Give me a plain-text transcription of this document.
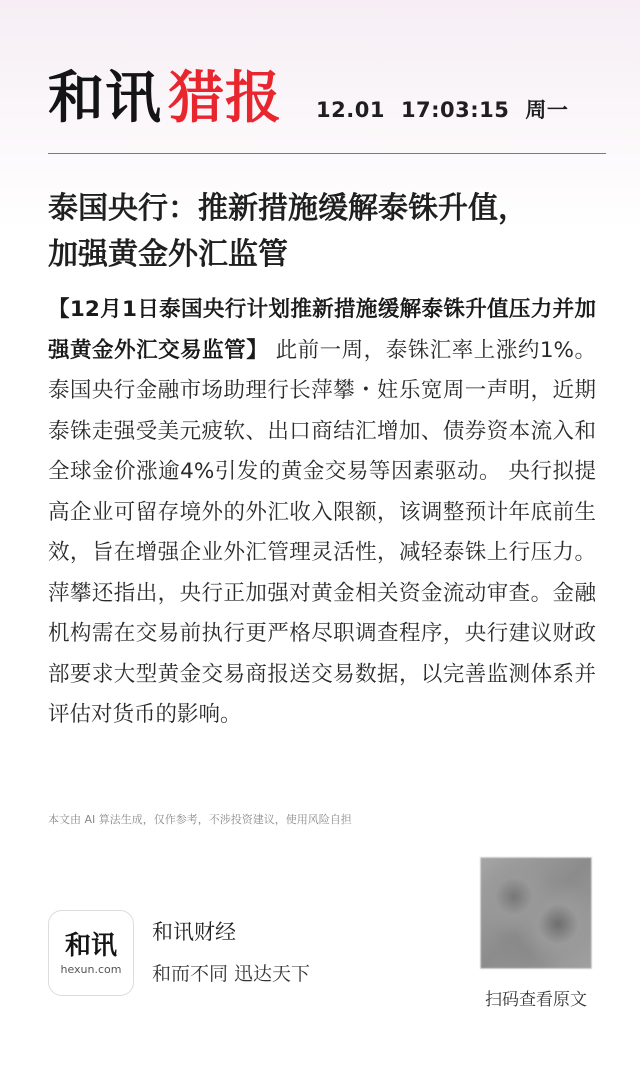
和讯 猎报 12.01 17:03:15 周一
泰国央行：推新措施缓解泰铢升值，
加强黄金外汇监管
【12月1日泰国央行计划推新措施缓解泰铢升值压力并加强黄金外汇交易监管】 此前一周，泰铢汇率上涨约1%。泰国央行金融市场助理行长萍攀・妵乐宽周一声明，近期泰铢走强受美元疲软、出口商结汇增加、债券资本流入和全球金价涨逾4%引发的黄金交易等因素驱动。 央行拟提高企业可留存境外的外汇收入限额，该调整预计年底前生效，旨在增强企业外汇管理灵活性，减轻泰铢上行压力。 萍攀还指出，央行正加强对黄金相关资金流动审查。金融机构需在交易前执行更严格尽职调查程序，央行建议财政部要求大型黄金交易商报送交易数据，以完善监测体系并评估对货币的影响。
本文由 AI 算法生成，仅作参考，不涉投资建议，使用风险自担
和讯
hexun.com
和讯财经
和而不同 迅达天下
扫码查看原文
